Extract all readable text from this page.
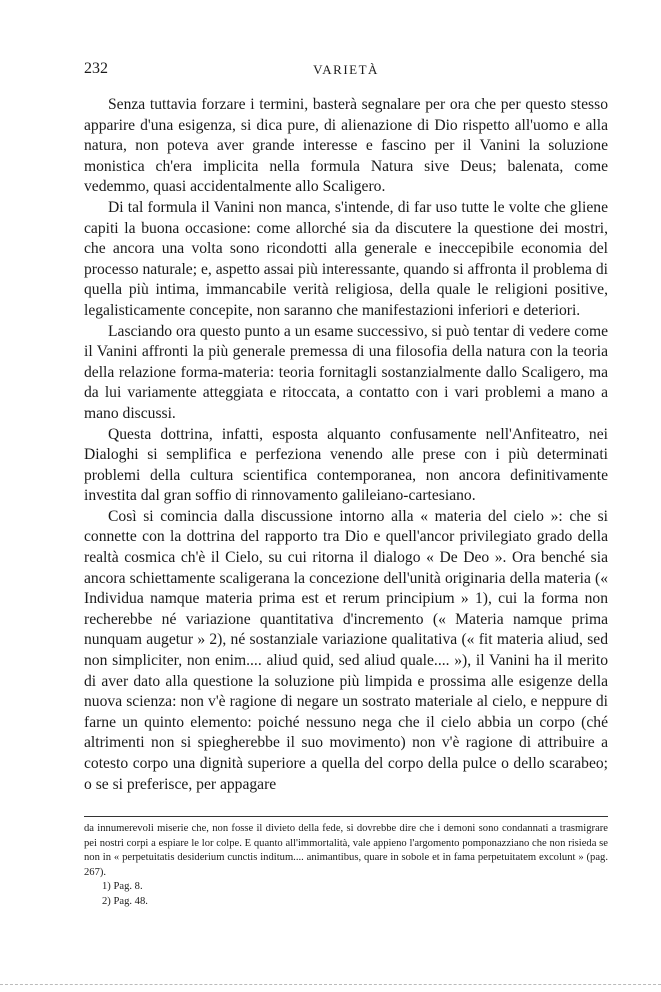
232	VARIETÀ

Senza tuttavia forzare i termini, basterà segnalare per ora che per questo stesso apparire d'una esigenza, si dica pure, di alienazione di Dio rispetto all'uomo e alla natura, non poteva aver grande interesse e fascino per il Vanini la soluzione monistica ch'era implicita nella formula Natura sive Deus; balenata, come vedemmo, quasi accidentalmente allo Scaligero.

Di tal formula il Vanini non manca, s'intende, di far uso tutte le volte che gliene capiti la buona occasione: come allorché sia da discutere la questione dei mostri, che ancora una volta sono ricondotti alla generale e ineccepibile economia del processo naturale; e, aspetto assai più interessante, quando si affronta il problema di quella più intima, immancabile verità religiosa, della quale le religioni positive, legalisticamente concepite, non saranno che manifestazioni inferiori e deteriori.

Lasciando ora questo punto a un esame successivo, si può tentar di vedere come il Vanini affronti la più generale premessa di una filosofia della natura con la teoria della relazione forma-materia: teoria fornitagli sostanzialmente dallo Scaligero, ma da lui variamente atteggiata e ritoccata, a contatto con i vari problemi a mano a mano discussi.

Questa dottrina, infatti, esposta alquanto confusamente nell'Anfiteatro, nei Dialoghi si semplifica e perfeziona venendo alle prese con i più determinati problemi della cultura scientifica contemporanea, non ancora definitivamente investita dal gran soffio di rinnovamento galileiano-cartesiano.

Così si comincia dalla discussione intorno alla « materia del cielo »: che si connette con la dottrina del rapporto tra Dio e quell'ancor privilegiato grado della realtà cosmica ch'è il Cielo, su cui ritorna il dialogo « De Deo ». Ora benché sia ancora schiettamente scaligerana la concezione dell'unità originaria della materia (« Individua namque materia prima est et rerum principium » 1), cui la forma non recherebbe né variazione quantitativa d'incremento (« Materia namque prima nunquam augetur » 2), né sostanziale variazione qualitativa (« fit materia aliud, sed non simpliciter, non enim.... aliud quid, sed aliud quale.... »), il Vanini ha il merito di aver dato alla questione la soluzione più limpida e prossima alle esigenze della nuova scienza: non v'è ragione di negare un sostrato materiale al cielo, e neppure di farne un quinto elemento: poiché nessuno nega che il cielo abbia un corpo (ché altrimenti non si spiegherebbe il suo movimento) non v'è ragione di attribuire a cotesto corpo una dignità superiore a quella del corpo della pulce o dello scarabeo; o se si preferisce, per appagare

da innumerevoli miserie che, non fosse il divieto della fede, si dovrebbe dire che i demoni sono condannati a trasmigrare pei nostri corpi a espiare le lor colpe. E quanto all'immortalità, vale appieno l'argomento pomponazziano che non risieda se non in « perpetuitatis desiderium cunctis inditum.... animantibus, quare in sobole et in fama perpetuitatem excolunt » (pag. 267).

1) Pag. 8.

2) Pag. 48.
